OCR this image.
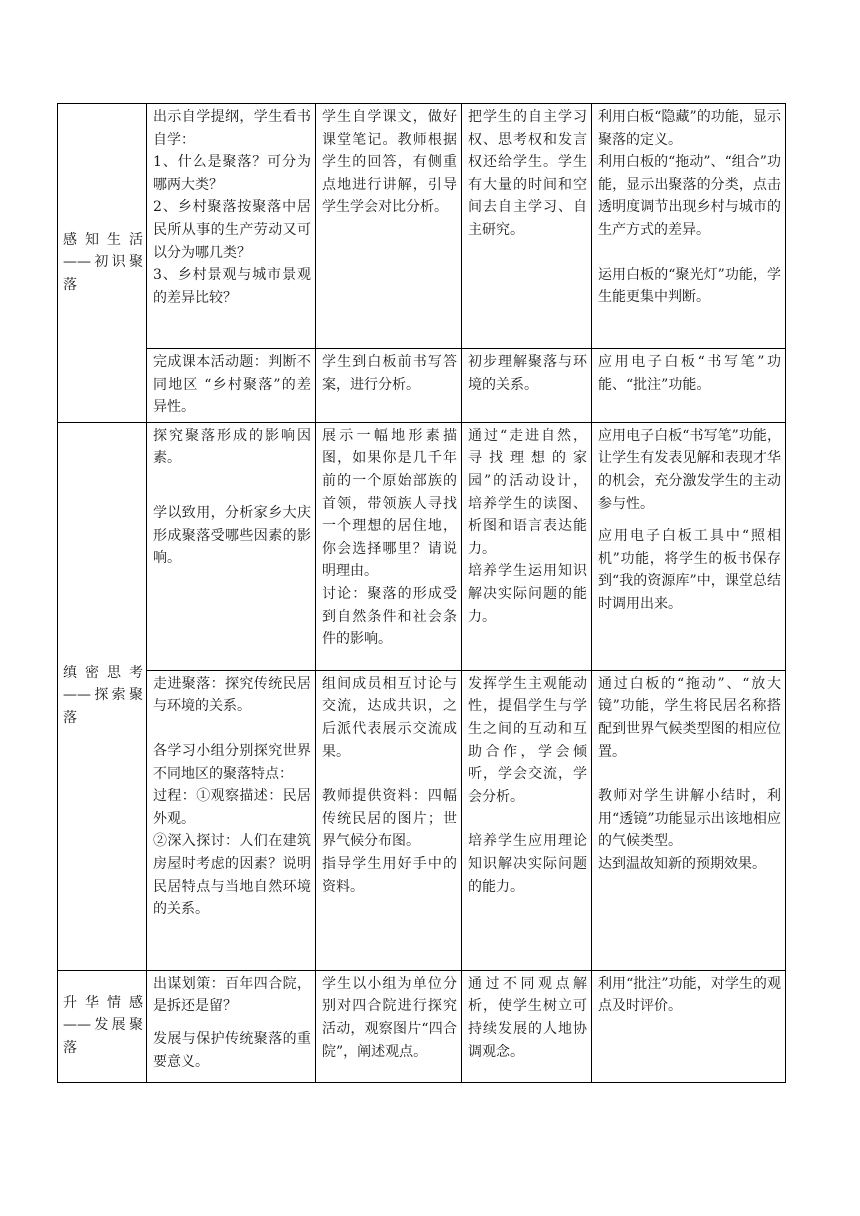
感知生活——初识聚落	出示自学提纲，学生看书自学：
1、什么是聚落？可分为哪两大类？
2、乡村聚落按聚落中居民所从事的生产劳动又可以分为哪几类？
3、乡村景观与城市景观的差异比较？	学生自学课文，做好课堂笔记。教师根据学生的回答，有侧重点地进行讲解，引导学生学会对比分析。	把学生的自主学习权、思考权和发言权还给学生。学生有大量的时间和空间去自主学习、自主研究。	利用白板“隐藏”的功能，显示聚落的定义。
利用白板的“拖动”、“组合”功能，显示出聚落的分类，点击透明度调节出现乡村与城市的生产方式的差异。
运用白板的“聚光灯”功能，学生能更集中判断。

	完成课本活动题：判断不同地区 “乡村聚落”的差异性。	学生到白板前书写答案，进行分析。	初步理解聚落与环境的关系。	应用电子白板“书写笔”功能、“批注”功能。

缜密思考——探索聚落	探究聚落形成的影响因素。
学以致用，分析家乡大庆形成聚落受哪些因素的影响。	展示一幅地形素描图，如果你是几千年前的一个原始部族的首领，带领族人寻找一个理想的居住地，你会选择哪里？请说明理由。
讨论：聚落的形成受到自然条件和社会条件的影响。	通过“走进自然，寻找理想的家园”的活动设计，培养学生的读图、析图和语言表达能力。
培养学生运用知识解决实际问题的能力。	应用电子白板“书写笔”功能，让学生有发表见解和表现才华的机会，充分激发学生的主动参与性。
应用电子白板工具中“照相机”功能，将学生的板书保存到“我的资源库”中，课堂总结时调用出来。

	走进聚落：探究传统民居与环境的关系。
各学习小组分别探究世界不同地区的聚落特点：
过程：①观察描述：民居外观。
②深入探讨：人们在建筑房屋时考虑的因素？说明民居特点与当地自然环境的关系。	组间成员相互讨论与交流，达成共识，之后派代表展示交流成果。
教师提供资料：四幅传统民居的图片；世界气候分布图。
指导学生用好手中的资料。	发挥学生主观能动性，提倡学生与学生之间的互动和互助合作，学会倾听，学会交流，学会分析。
培养学生应用理论知识解决实际问题的能力。	通过白板的“拖动”、“放大镜”功能，学生将民居名称搭配到世界气候类型图的相应位置。
教师对学生讲解小结时，利用“透镜”功能显示出该地相应的气候类型。
达到温故知新的预期效果。

升华情感——发展聚落	出谋划策：百年四合院，是拆还是留？
发展与保护传统聚落的重要意义。	学生以小组为单位分别对四合院进行探究活动，观察图片“四合院”，阐述观点。	通过不同观点解析，使学生树立可持续发展的人地协调观念。	利用“批注”功能，对学生的观点及时评价。
